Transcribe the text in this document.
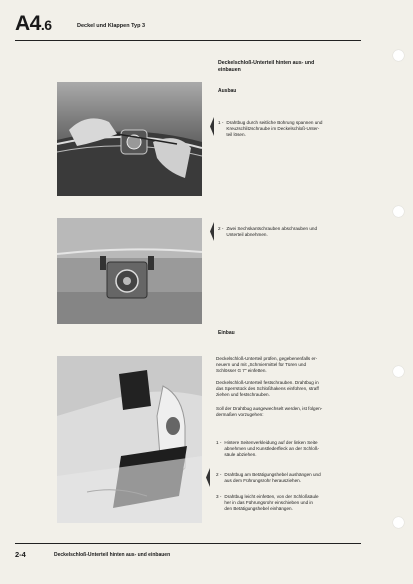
A4.6	Deckel und Klappen Typ 3
Deckelschloß-Unterteil hinten aus- und
einbauen
Ausbau
1 - Drahtbug durch seitliche Bohrung spannen und
Kreuzschlitzschraube im Deckelschloß-Unter-
teil lösen.
2 - Zwei Sechskantschrauben abschrauben und
Unterteil abnehmen.
Einbau
Deckelschloß-Unterteil prüfen, gegebenenfalls er-
neuern und mit „Schmiermittel für Türen und
Schlösser G 7" einfetten.
Deckelschloß-Unterteil festschrauben. Drahtbug in
das Sperrstück des Schloßhakens einführen, straff
ziehen und festschrauben.
Soll der Drahtbug ausgewechselt werden, ist folgen-
dermaßen vorzugehen:
1 - Hintere Seitenverkleidung auf der linken Seite
abnehmen und Kunstlederfleck an der Schloß-
säule abziehen.
2 - Drahtbug am Betätigungshebel aushängen und
aus dem Führungsrohr herausziehen.
3 - Drahtbug leicht einfetten, von der Schloßsäule
her in das Führungsrohr einschieben und in
den Betätigungshebel einhängen.
2-4	Deckelschloß-Unterteil hinten aus- und einbauen
